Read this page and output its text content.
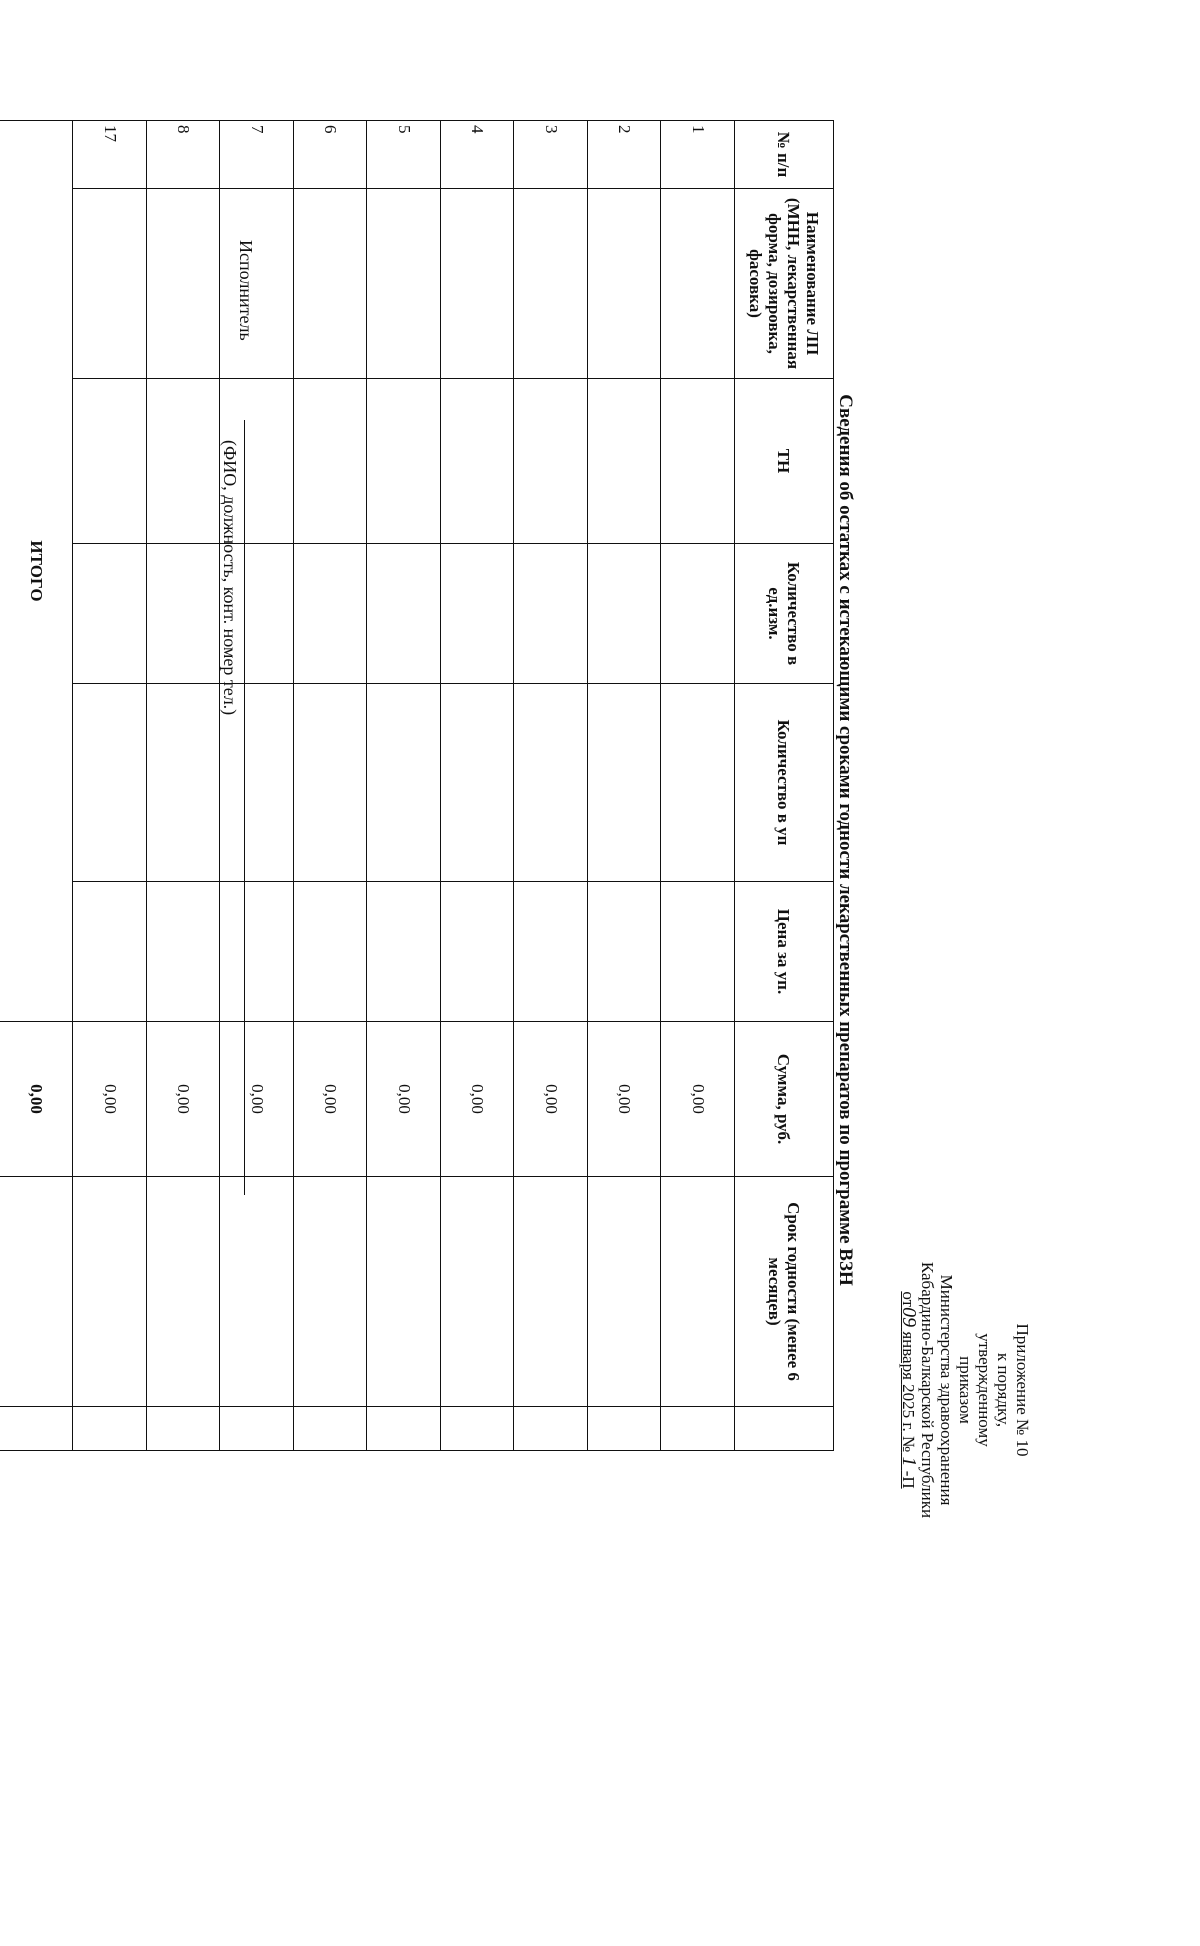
Приложение № 10
к порядку,
утвержденному
приказом
Министерства здравоохранения
Кабардино-Балкарской Республики
от09 января 2025 г. № 1 -П
Сведения об остатках с истекающими сроками годности лекарственных препаратов по программе ВЗН
№ п/п	Наименование ЛП (МНН, лекарственная форма, дозировка, фасовка)	ТН	Количество в ед.изм.	Количество в уп	Цена за уп.	Сумма, руб.	Срок годности (менее 6 месяцев)	
1						0,00		
2						0,00		
3						0,00		
4						0,00		
5						0,00		
6						0,00		
7						0,00		
8						0,00		
17						0,00		
ИТОГО						0,00		
Исполнитель
(ФИО, должность, конт. номер тел.)
